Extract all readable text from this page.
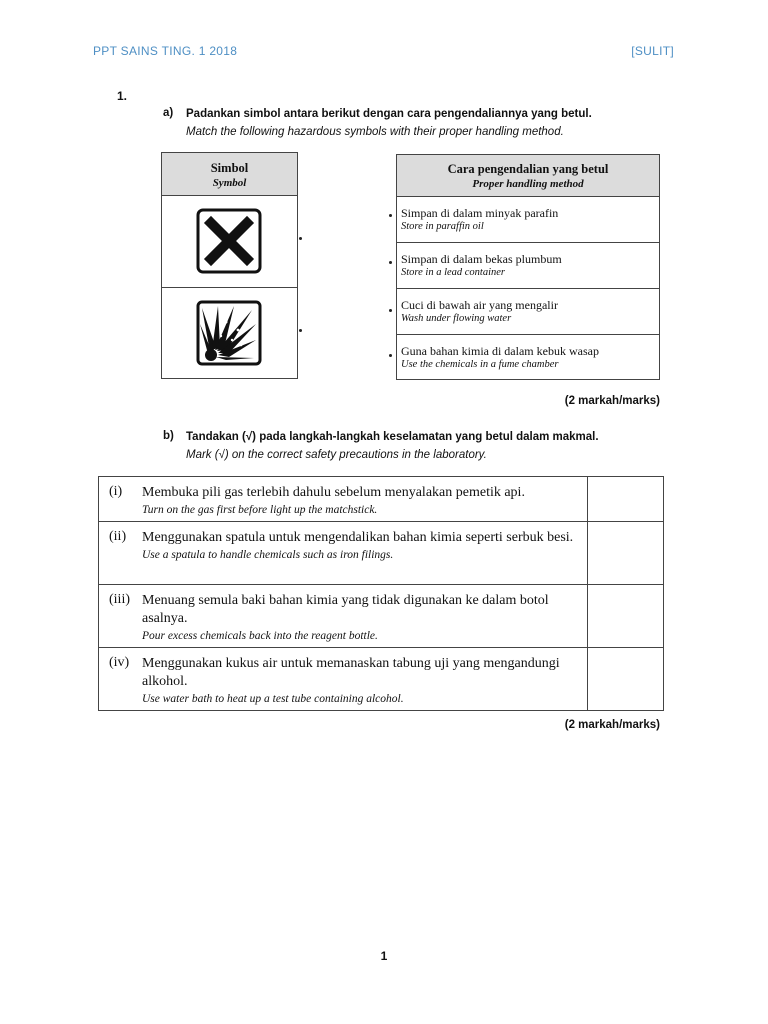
PPT SAINS TING. 1 2018	[SULIT]
1.
a) Padankan simbol antara berikut dengan cara pengendaliannya yang betul.
Match the following hazardous symbols with their proper handling method.
Simbol
Symbol
Cara pengendalian yang betul
Proper handling method
Simpan di dalam minyak parafin
Store in paraffin oil
Simpan di dalam bekas plumbum
Store in a lead container
Cuci di bawah air yang mengalir
Wash under flowing water
Guna bahan kimia di dalam kebuk wasap
Use the chemicals in a fume chamber
(2 markah/marks)
b) Tandakan (√) pada langkah-langkah keselamatan yang betul dalam makmal.
Mark (√) on the correct safety precautions in the laboratory.
(i) Membuka pili gas terlebih dahulu sebelum menyalakan pemetik api.
Turn on the gas first before light up the matchstick.
(ii) Menggunakan spatula untuk mengendalikan bahan kimia seperti serbuk besi.
Use a spatula to handle chemicals such as iron filings.
(iii) Menuang semula baki bahan kimia yang tidak digunakan ke dalam botol asalnya.
Pour excess chemicals back into the reagent bottle.
(iv) Menggunakan kukus air untuk memanaskan tabung uji yang mengandungi alkohol.
Use water bath to heat up a test tube containing alcohol.
(2 markah/marks)
1
